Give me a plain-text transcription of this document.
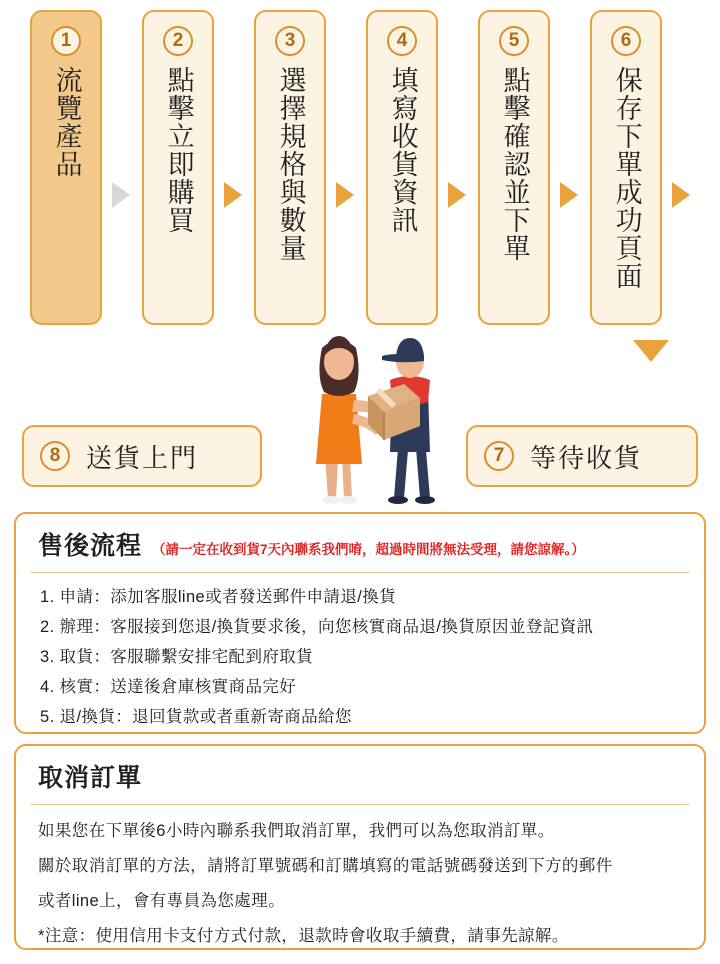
1
流覽產品
2
點擊立即購買
3
選擇規格與數量
4
填寫收貨資訊
5
點擊確認並下單
6
保存下單成功頁面
8 送貨上門	7 等待收貨
售後流程 （請一定在收到貨7天內聯系我們唷，超過時間將無法受理，請您諒解。）
1. 申請：添加客服line或者發送郵件申請退/換貨
2. 辦理：客服接到您退/換貨要求後，向您核實商品退/換貨原因並登記資訊
3. 取貨：客服聯繫安排宅配到府取貨
4. 核實：送達後倉庫核實商品完好
5. 退/換貨：退回貨款或者重新寄商品給您
取消訂單

如果您在下單後6小時內聯系我們取消訂單，我們可以為您取消訂單。

關於取消訂單的方法，請將訂單號碼和訂購填寫的電話號碼發送到下方的郵件

或者line上，會有專員為您處理。

*注意：使用信用卡支付方式付款，退款時會收取手續費，請事先諒解。
